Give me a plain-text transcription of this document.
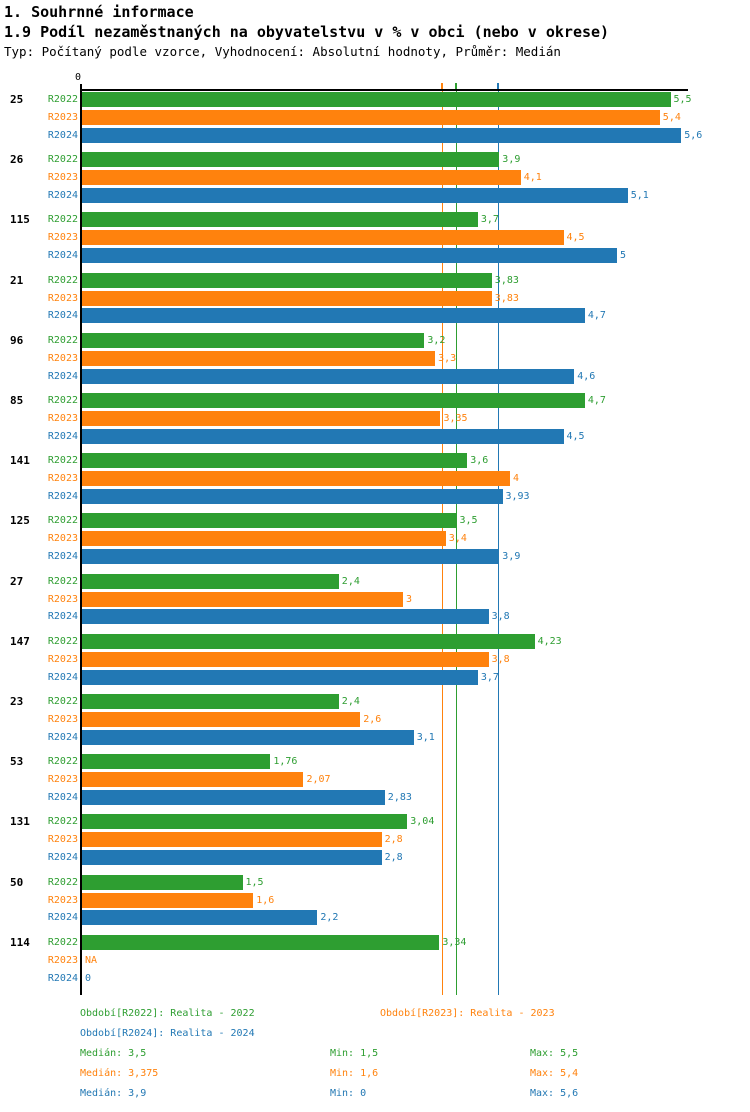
1. Souhrnné informace
1.9 Podíl nezaměstnaných na obyvatelstvu v % v obci (nebo v okrese)
Typ: Počítaný podle vzorce, Vyhodnocení: Absolutní hodnoty, Průměr: Medián
0
25	R2022	5,5
R2023	5,4
R2024	5,6
26	R2022	3,9
R2023	4,1
R2024	5,1
115	R2022	3,7
R2023	4,5
R2024	5
21	R2022	3,83
R2023	3,83
R2024	4,7
96	R2022	3,2
R2023	3,3
R2024	4,6
85	R2022	4,7
R2023	3,35
R2024	4,5
141	R2022	3,6
R2023	4
R2024	3,93
125	R2022	3,5
R2023	3,4
R2024	3,9
27	R2022	2,4
R2023	3
R2024	3,8
147	R2022	4,23
R2023	3,8
R2024	3,7
23	R2022	2,4
R2023	2,6
R2024	3,1
53	R2022	1,76
R2023	2,07
R2024	2,83
131	R2022	3,04
R2023	2,8
R2024	2,8
50	R2022	1,5
R2023	1,6
R2024	2,2
114	R2022	3,34
R2023 NA
R2024 0
Období[R2022]: Realita - 2022	Období[R2023]: Realita - 2023
Období[R2024]: Realita - 2024
Medián: 3,5	Min: 1,5	Max: 5,5
Medián: 3,375	Min: 1,6	Max: 5,4
Medián: 3,9	Min: 0	Max: 5,6
